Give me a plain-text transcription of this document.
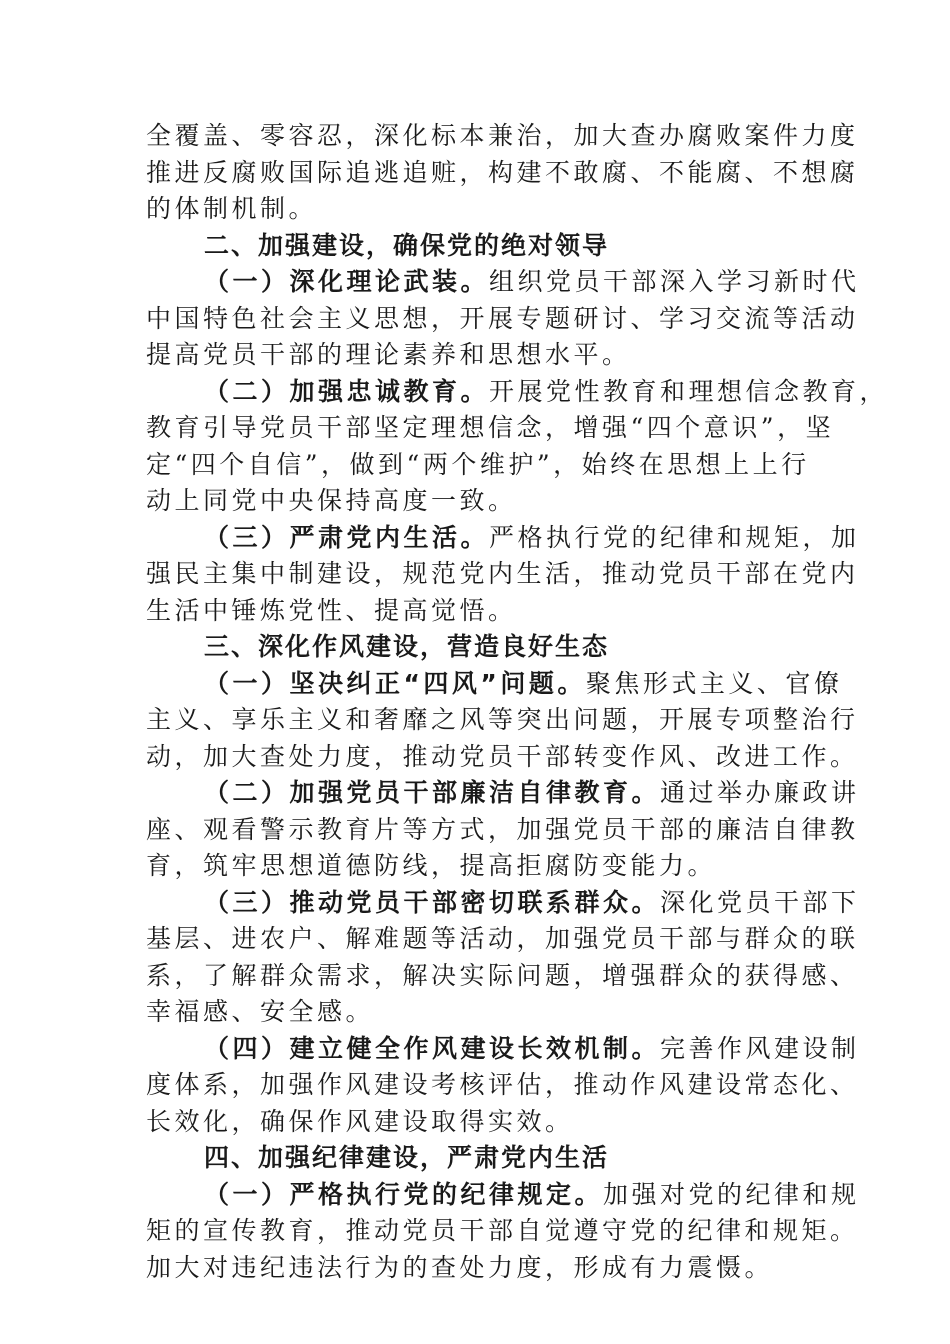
全覆盖、零容忍，深化标本兼治，加大查办腐败案件力度
推进反腐败国际追逃追赃，构建不敢腐、不能腐、不想腐
的体制机制。
二、加强建设，确保党的绝对领导
（一）深化理论武装。组织党员干部深入学习新时代
中国特色社会主义思想，开展专题研讨、学习交流等活动
提高党员干部的理论素养和思想水平。
（二）加强忠诚教育。开展党性教育和理想信念教育，
教育引导党员干部坚定理想信念，增强“四个意识”，坚
定“四个自信”，做到“两个维护”，始终在思想上上行
动上同党中央保持高度一致。
（三）严肃党内生活。严格执行党的纪律和规矩，加
强民主集中制建设，规范党内生活，推动党员干部在党内
生活中锤炼党性、提高觉悟。
三、深化作风建设，营造良好生态
（一）坚决纠正“四风”问题。聚焦形式主义、官僚
主义、享乐主义和奢靡之风等突出问题，开展专项整治行
动，加大查处力度，推动党员干部转变作风、改进工作。
（二）加强党员干部廉洁自律教育。通过举办廉政讲
座、观看警示教育片等方式，加强党员干部的廉洁自律教
育，筑牢思想道德防线，提高拒腐防变能力。
（三）推动党员干部密切联系群众。深化党员干部下
基层、进农户、解难题等活动，加强党员干部与群众的联
系，了解群众需求，解决实际问题，增强群众的获得感、
幸福感、安全感。
（四）建立健全作风建设长效机制。完善作风建设制
度体系，加强作风建设考核评估，推动作风建设常态化、
长效化，确保作风建设取得实效。
四、加强纪律建设，严肃党内生活
（一）严格执行党的纪律规定。加强对党的纪律和规
矩的宣传教育，推动党员干部自觉遵守党的纪律和规矩。
加大对违纪违法行为的查处力度，形成有力震慑。
